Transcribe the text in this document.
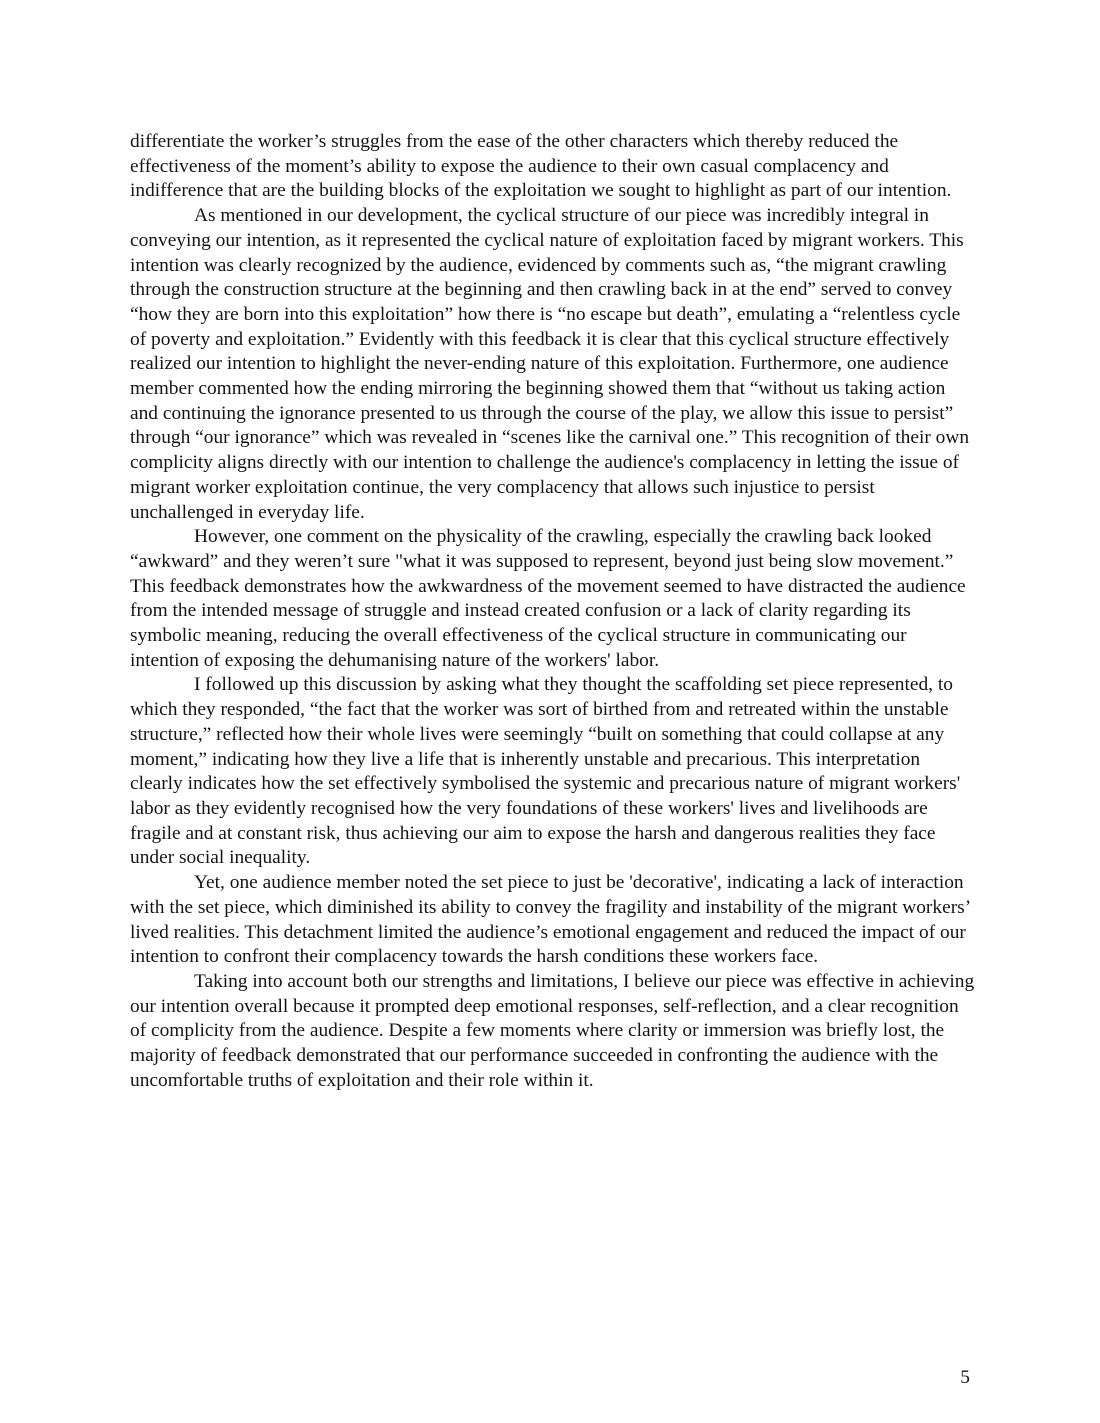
differentiate the worker’s struggles from the ease of the other characters which thereby reduced the effectiveness of the moment’s ability to expose the audience to their own casual complacency and indifference that are the building blocks of the exploitation we sought to highlight as part of our intention.

As mentioned in our development, the cyclical structure of our piece was incredibly integral in conveying our intention, as it represented the cyclical nature of exploitation faced by migrant workers. This intention was clearly recognized by the audience, evidenced by comments such as, “the migrant crawling through the construction structure at the beginning and then crawling back in at the end” served to convey “how they are born into this exploitation” how there is “no escape but death”, emulating a “relentless cycle of poverty and exploitation.” Evidently with this feedback it is clear that this cyclical structure effectively realized our intention to highlight the never-ending nature of this exploitation. Furthermore, one audience member commented how the ending mirroring the beginning showed them that “without us taking action and continuing the ignorance presented to us through the course of the play, we allow this issue to persist” through “our ignorance” which was revealed in “scenes like the carnival one.” This recognition of their own complicity aligns directly with our intention to challenge the audience's complacency in letting the issue of migrant worker exploitation continue, the very complacency that allows such injustice to persist unchallenged in everyday life.

However, one comment on the physicality of the crawling, especially the crawling back looked “awkward” and they weren’t sure "what it was supposed to represent, beyond just being slow movement.” This feedback demonstrates how the awkwardness of the movement seemed to have distracted the audience from the intended message of struggle and instead created confusion or a lack of clarity regarding its symbolic meaning, reducing the overall effectiveness of the cyclical structure in communicating our intention of exposing the dehumanising nature of the workers' labor.

I followed up this discussion by asking what they thought the scaffolding set piece represented, to which they responded, “the fact that the worker was sort of birthed from and retreated within the unstable structure,” reflected how their whole lives were seemingly “built on something that could collapse at any moment,” indicating how they live a life that is inherently unstable and precarious. This interpretation clearly indicates how the set effectively symbolised the systemic and precarious nature of migrant workers' labor as they evidently recognised how the very foundations of these workers' lives and livelihoods are fragile and at constant risk, thus achieving our aim to expose the harsh and dangerous realities they face under social inequality.

Yet, one audience member noted the set piece to just be 'decorative', indicating a lack of interaction with the set piece, which diminished its ability to convey the fragility and instability of the migrant workers’ lived realities. This detachment limited the audience’s emotional engagement and reduced the impact of our intention to confront their complacency towards the harsh conditions these workers face.

Taking into account both our strengths and limitations, I believe our piece was effective in achieving our intention overall because it prompted deep emotional responses, self-reflection, and a clear recognition of complicity from the audience. Despite a few moments where clarity or immersion was briefly lost, the majority of feedback demonstrated that our performance succeeded in confronting the audience with the uncomfortable truths of exploitation and their role within it.

5
